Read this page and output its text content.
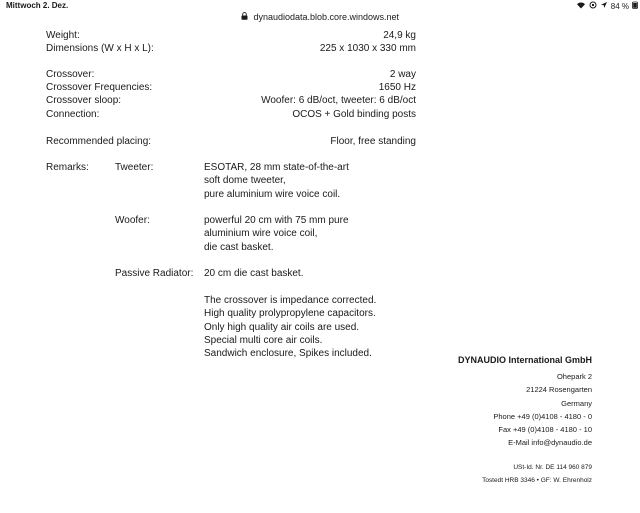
Mittwoch 2. Dez.	84 %
dynaudiodata.blob.core.windows.net
Weight:	24,9 kg
Dimensions (W x H x L):	225 x 1030 x 330 mm
Crossover:	2 way
Crossover Frequencies:	1650 Hz
Crossover sloop:	Woofer: 6 dB/oct, tweeter: 6 dB/oct
Connection:	OCOS + Gold binding posts
Recommended placing:	Floor, free standing
Remarks:	Tweeter:	ESOTAR, 28 mm state-of-the-art
soft dome tweeter,
pure aluminium wire voice coil.
Woofer:	powerful 20 cm with 75 mm pure
aluminium wire voice coil,
die cast basket.
Passive Radiator: 20 cm die cast basket.
The crossover is impedance corrected.
High quality prolypropylene capacitors.
Only high quality air coils are used.
Special multi core air coils.
Sandwich enclosure, Spikes included.
DYNAUDIO International GmbH
Ohepark 2
21224 Rosengarten
Germany
Phone +49 (0)4108 - 4180 - 0
Fax +49 (0)4108 - 4180 - 10
E-Mail info@dynaudio.de
USt-Id. Nr. DE 114 960 879
Tostedt HRB 3346 • GF: W. Ehrenholz
